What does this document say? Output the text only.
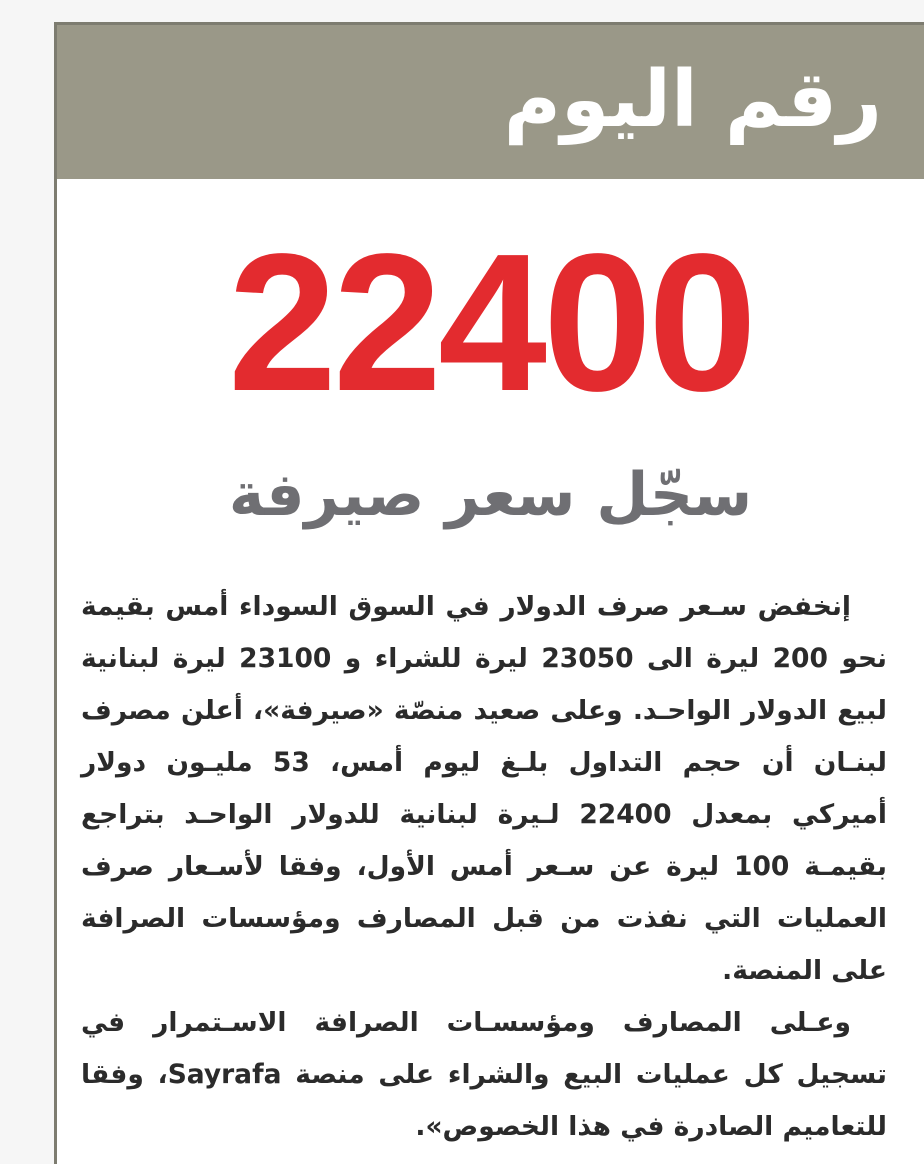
رقم اليوم
22400
سجّل سعر صيرفة

إنخفض سـعر صرف الدولار في السوق السوداء أمس بقيمة نحو 200 ليرة الى 23050 ليرة للشراء و 23100 ليرة لبنانية لبيع الدولار الواحـد. وعلى صعيد منصّة «صيرفة»، أعلن مصرف لبنـان أن حجم التداول بلـغ ليوم أمس، 53 مليـون دولار أميركي بمعدل 22400 لـيرة لبنانية للدولار الواحـد بتراجع بقيمـة 100 ليرة عن سـعر أمس الأول، وفقا لأسـعار صرف العمليات التي نفذت من قبل المصارف ومؤسسات الصرافة على المنصة.

وعـلى المصارف ومؤسسـات الصرافة الاسـتمرار في تسجيل كل عمليات البيع والشراء على منصة Sayrafa، وفقا للتعاميم الصادرة في هذا الخصوص».
